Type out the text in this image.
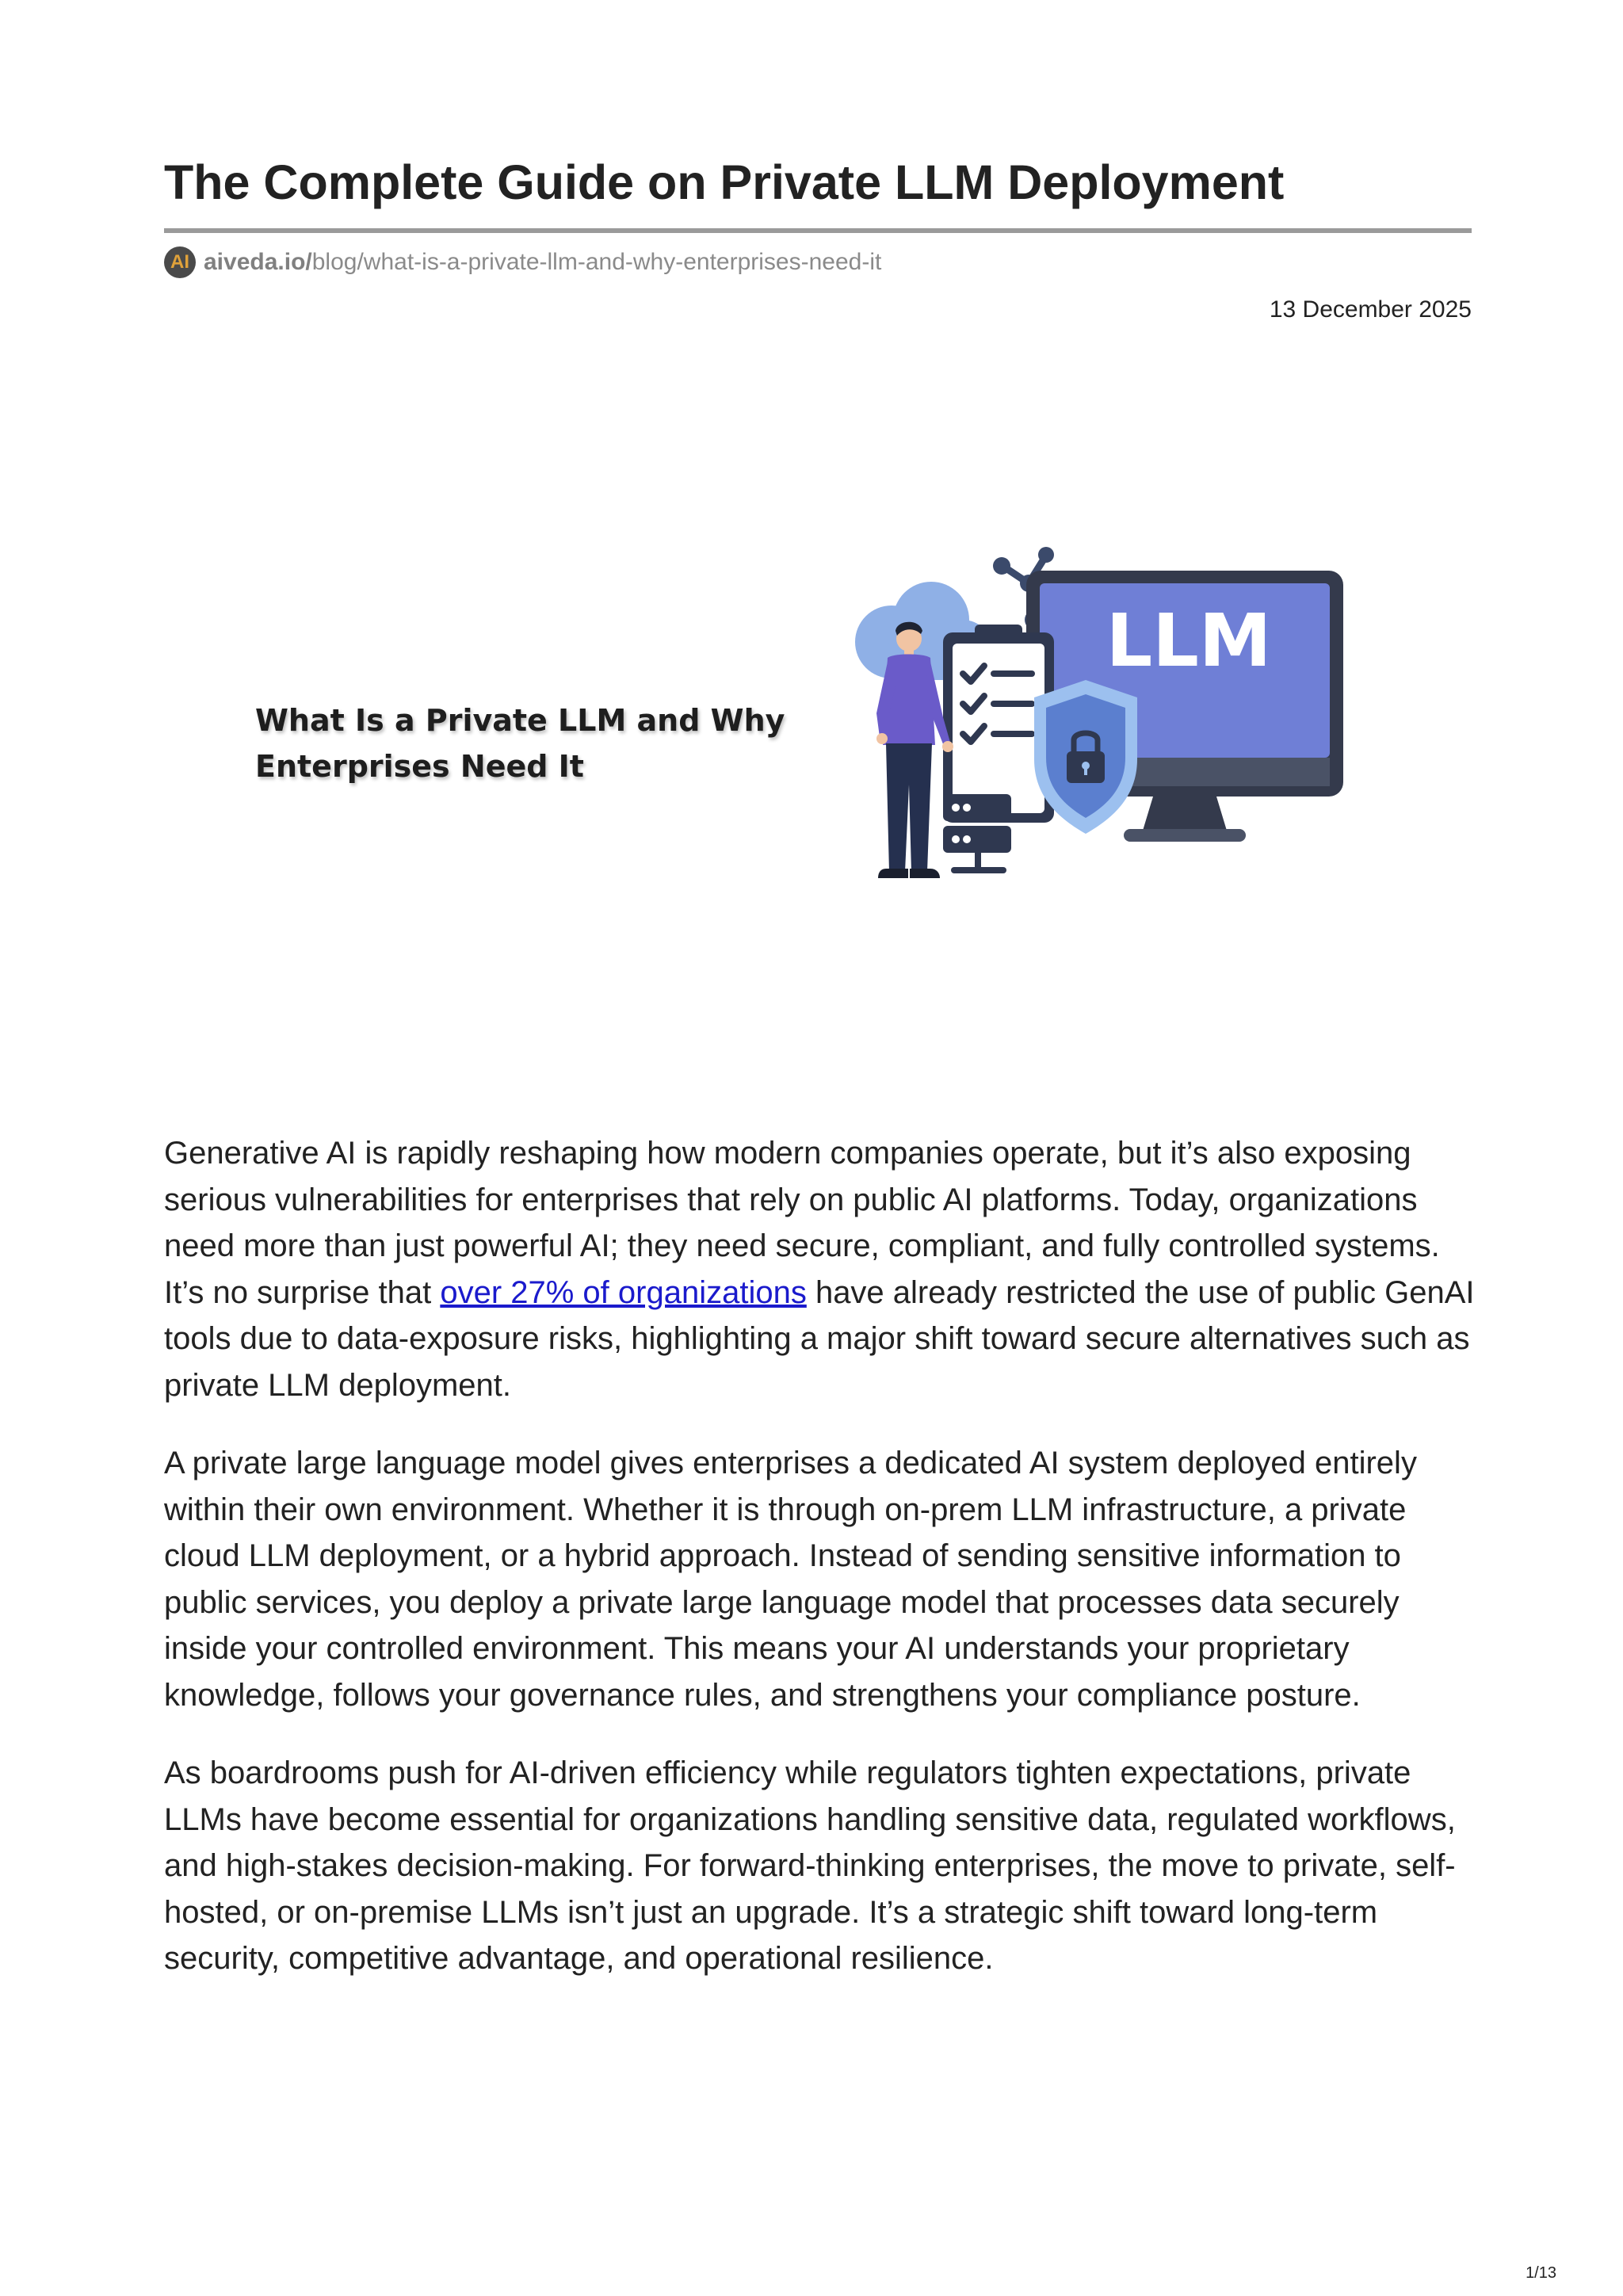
The Complete Guide on Private LLM Deployment
AI aiveda.io/blog/what-is-a-private-llm-and-why-enterprises-need-it
13 December 2025
What Is a Private LLM and Why
Enterprises Need It
LLM

Generative AI is rapidly reshaping how modern companies operate, but it’s also exposing serious vulnerabilities for enterprises that rely on public AI platforms. Today, organizations need more than just powerful AI; they need secure, compliant, and fully controlled systems. It’s no surprise that over 27% of organizations have already restricted the use of public GenAI tools due to data-exposure risks, highlighting a major shift toward secure alternatives such as private LLM deployment.

A private large language model gives enterprises a dedicated AI system deployed entirely within their own environment. Whether it is through on-prem LLM infrastructure, a private cloud LLM deployment, or a hybrid approach. Instead of sending sensitive information to public services, you deploy a private large language model that processes data securely inside your controlled environment. This means your AI understands your proprietary knowledge, follows your governance rules, and strengthens your compliance posture.

As boardrooms push for AI-driven efficiency while regulators tighten expectations, private LLMs have become essential for organizations handling sensitive data, regulated workflows, and high-stakes decision-making. For forward-thinking enterprises, the move to private, self-hosted, or on-premise LLMs isn’t just an upgrade. It’s a strategic shift toward long-term security, competitive advantage, and operational resilience.

1/13
